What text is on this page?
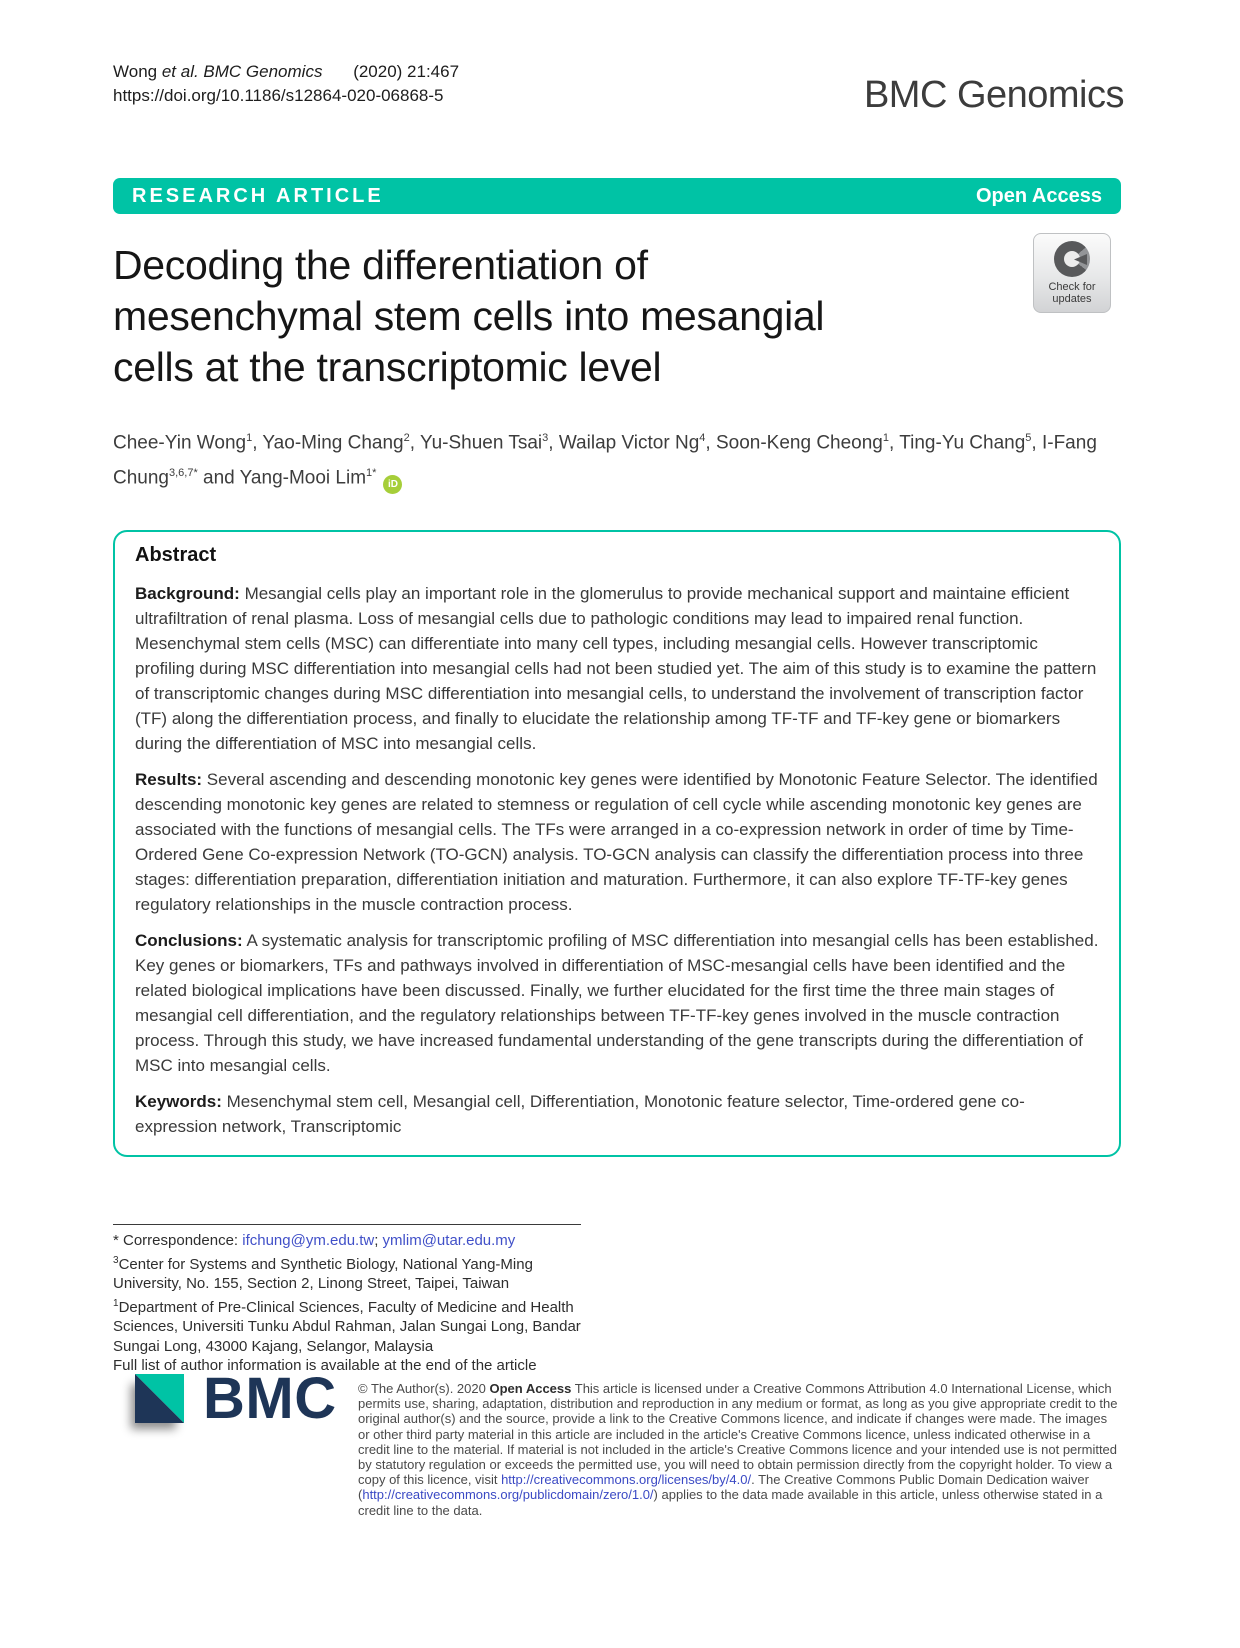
Wong et al. BMC Genomics (2020) 21:467
https://doi.org/10.1186/s12864-020-06868-5	BMC Genomics
RESEARCH ARTICLE	Open Access
Decoding the differentiation of mesenchymal stem cells into mesangial cells at the transcriptomic level
Check for
updates
Chee-Yin Wong$^1$, Yao-Ming Chang$^2$, Yu-Shuen Tsai$^3$, Wailap Victor Ng$^4$, Soon-Keng Cheong$^1$, Ting-Yu Chang$^5$, I-Fang Chung$^{3,6,7*}$ and Yang-Mooi Lim$^{1*}$iD
Abstract

Background: Mesangial cells play an important role in the glomerulus to provide mechanical support and maintaine efficient ultrafiltration of renal plasma. Loss of mesangial cells due to pathologic conditions may lead to impaired renal function. Mesenchymal stem cells (MSC) can differentiate into many cell types, including mesangial cells. However transcriptomic profiling during MSC differentiation into mesangial cells had not been studied yet. The aim of this study is to examine the pattern of transcriptomic changes during MSC differentiation into mesangial cells, to understand the involvement of transcription factor (TF) along the differentiation process, and finally to elucidate the relationship among TF-TF and TF-key gene or biomarkers during the differentiation of MSC into mesangial cells.

Results: Several ascending and descending monotonic key genes were identified by Monotonic Feature Selector. The identified descending monotonic key genes are related to stemness or regulation of cell cycle while ascending monotonic key genes are associated with the functions of mesangial cells. The TFs were arranged in a co-expression network in order of time by Time-Ordered Gene Co-expression Network (TO-GCN) analysis. TO-GCN analysis can classify the differentiation process into three stages: differentiation preparation, differentiation initiation and maturation. Furthermore, it can also explore TF-TF-key genes regulatory relationships in the muscle contraction process.

Conclusions: A systematic analysis for transcriptomic profiling of MSC differentiation into mesangial cells has been established. Key genes or biomarkers, TFs and pathways involved in differentiation of MSC-mesangial cells have been identified and the related biological implications have been discussed. Finally, we further elucidated for the first time the three main stages of mesangial cell differentiation, and the regulatory relationships between TF-TF-key genes involved in the muscle contraction process. Through this study, we have increased fundamental understanding of the gene transcripts during the differentiation of MSC into mesangial cells.

Keywords: Mesenchymal stem cell, Mesangial cell, Differentiation, Monotonic feature selector, Time-ordered gene co-expression network, Transcriptomic

* Correspondence: ifchung@ym.edu.tw; ymlim@utar.edu.my
$^3$Center for Systems and Synthetic Biology, National Yang-Ming University, No. 155, Section 2, Linong Street, Taipei, Taiwan
$^1$Department of Pre-Clinical Sciences, Faculty of Medicine and Health Sciences, Universiti Tunku Abdul Rahman, Jalan Sungai Long, Bandar Sungai Long, 43000 Kajang, Selangor, Malaysia
Full list of author information is available at the end of the article
BMC © The Author(s). 2020 Open Access This article is licensed under a Creative Commons Attribution 4.0 International License, which permits use, sharing, adaptation, distribution and reproduction in any medium or format, as long as you give appropriate credit to the original author(s) and the source, provide a link to the Creative Commons licence, and indicate if changes were made. The images or other third party material in this article are included in the article's Creative Commons licence, unless indicated otherwise in a credit line to the material. If material is not included in the article's Creative Commons licence and your intended use is not permitted by statutory regulation or exceeds the permitted use, you will need to obtain permission directly from the copyright holder. To view a copy of this licence, visit http://creativecommons.org/licenses/by/4.0/. The Creative Commons Public Domain Dedication waiver (http://creativecommons.org/publicdomain/zero/1.0/) applies to the data made available in this article, unless otherwise stated in a credit line to the data.
